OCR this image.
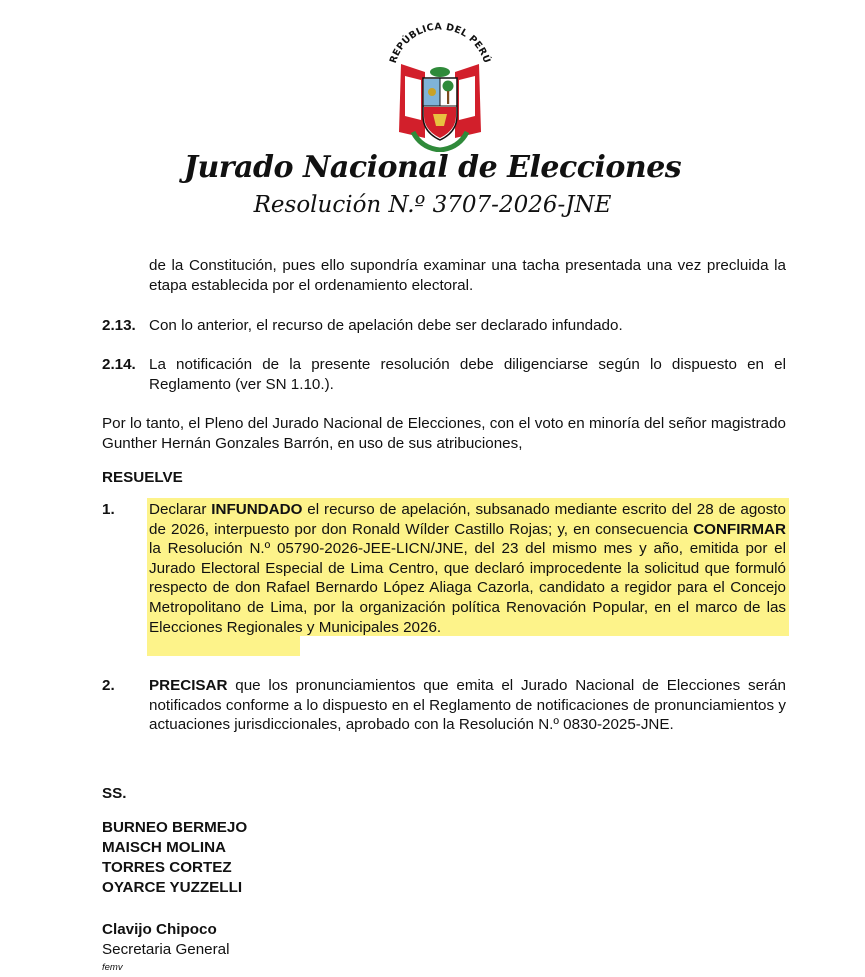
REPÚBLICA DEL PERÚ
Jurado Nacional de Elecciones
Resolución N.º 3707-2026-JNE
de la Constitución, pues ello supondría examinar una tacha presentada una vez precluida la etapa establecida por el ordenamiento electoral.
2.13. Con lo anterior, el recurso de apelación debe ser declarado infundado.
2.14. La notificación de la presente resolución debe diligenciarse según lo dispuesto en el Reglamento (ver SN 1.10.).
Por lo tanto, el Pleno del Jurado Nacional de Elecciones, con el voto en minoría del señor magistrado Gunther Hernán Gonzales Barrón, en uso de sus atribuciones,
RESUELVE
1. Declarar INFUNDADO el recurso de apelación, subsanado mediante escrito del 28 de agosto de 2026, interpuesto por don Ronald Wílder Castillo Rojas; y, en consecuencia CONFIRMAR la Resolución N.º 05790-2026-JEE-LICN/JNE, del 23 del mismo mes y año, emitida por el Jurado Electoral Especial de Lima Centro, que declaró improcedente la solicitud que formuló respecto de don Rafael Bernardo López Aliaga Cazorla, candidato a regidor para el Concejo Metropolitano de Lima, por la organización política Renovación Popular, en el marco de las Elecciones Regionales y Municipales 2026.
2. PRECISAR que los pronunciamientos que emita el Jurado Nacional de Elecciones serán notificados conforme a lo dispuesto en el Reglamento de notificaciones de pronunciamientos y actuaciones jurisdiccionales, aprobado con la Resolución N.º 0830-2025-JNE.
SS.
BURNEO BERMEJO
MAISCH MOLINA
TORRES CORTEZ
OYARCE YUZZELLI
Clavijo Chipoco
Secretaria General
femv
